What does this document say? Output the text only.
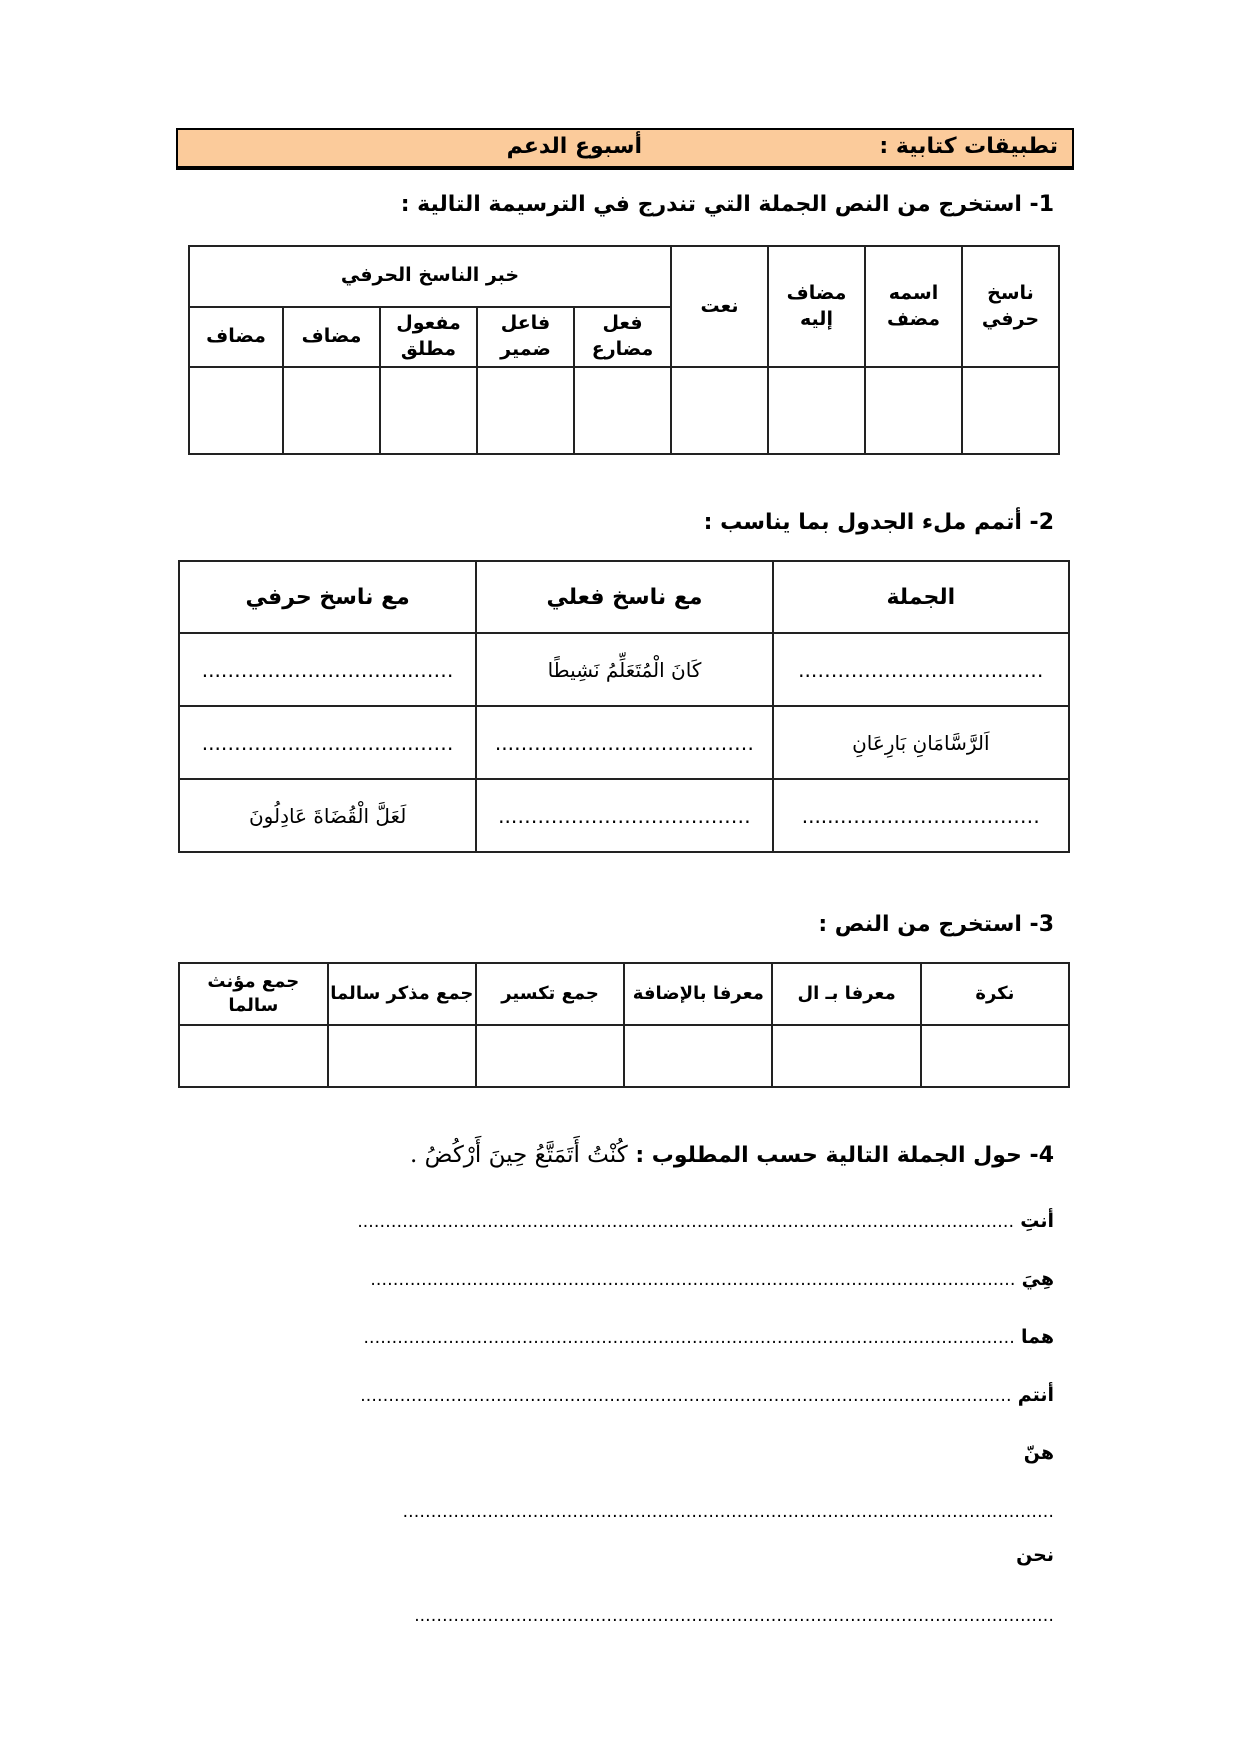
تطبيقات كتابية :
أسبوع الدعم
1- استخرج من النص الجملة التي تندرج في الترسيمة التالية :
ناسخ حرفي	اسمه مضف	مضاف إليه	نعت	خبر الناسخ الحرفي				
				فعل مضارع	فاعل ضمير	مفعول مطلق	مضاف	مضاف

2- أتمم ملء الجدول بما يناسب :
الجملة	مع ناسخ فعلي	مع ناسخ حرفي
……..………………………..	كَانَ الْمُتَعَلِّمُ نَشِيطًا	……..………………………...
اَلرَّسَّامَانِ بَارِعَانِ	………………………………...	……..………………………...
…………………………......	………………………………..	لَعَلَّ الْقُضَاةَ عَادِلُونَ
3- استخرج من النص :
نكرة	معرفا بـ ال	معرفا بالإضافة	جمع تكسير	جمع مذكر سالما	جمع مؤنث سالما

4- حول الجملة التالية حسب المطلوب : كُنْتُ أَتَمَتَّعُ حِينَ أَرْكُضُ .
أنتِ ……………………………………………………………………………………………………..
هِيَ ……………………………………………………………………………..…………………….
هما …………………………………………………………………………………………………….
أنتم …………………………………………………………………………………………………….
هنّ
…………………………………………………………………………………………………….
نحن
…………………………………………………………………………………………………..
